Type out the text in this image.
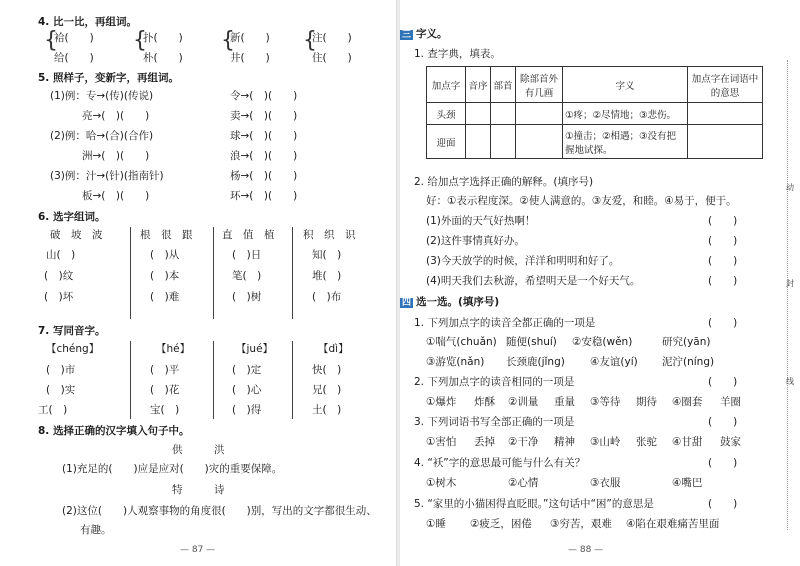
4. 比一比，再组词。
{	{	{	{
袷(　　)	扑(　　)	新(　　)	注(　　)
给(　　)	朴(　　)	井(　　)	住(　　)
5. 照样子，变新字，再组词。
(1)例：专→(传)(传说)	令→(　)(　　)
亮→(　)(　　)	卖→(　)(　　)
(2)例：哈→(合)(合作)	球→(　)(　　)
洲→(　)(　　)	浪→(　)(　　)
(3)例：汁→(针)(指南针)	杨→(　)(　　)
板→(　)(　　)	环→(　)(　　)
6. 选字组词。
破　坡　波	根　很　跟	直　值　植	积　织　识
山(　)	(　)从	(　)日	知(　)
(　)纹	(　)本	笔(　)	堆(　)
(　)坏	(　)难	(　)树	(　)布
7. 写同音字。
【chéng】	【hé】	【jué】	【dì】
(　)市	(　)平	(　)定	快(　)
(　)实	(　)花	(　)心	兄(　)
工(　)	宝(　)	(　)得	土(　)
8. 选择正确的汉字填入句子中。
供　　　洪
(1)充足的(　　)应是应对(　　)灾的重要保障。
特　　　诗
(2)这位(　　)人观察事物的角度很(　　)别，写出的文字都很生动、
有趣。
— 87 —
三 字义。
1. 查字典，填表。
加点字	音序	部首	除部首外有几画	字义	加点字在词语中的意思
头颈				①疼；②尽情地；③悲伤。	
迎面				①撞击；②相遇；③没有把握地试探。	
2. 给加点字选择正确的解释。(填序号)
好：①表示程度深。②使人满意的。③友爱，和睦。④易于，便于。
(1)外面的天气好热啊！	(　　)
(2)这件事情真好办。	(　　)
(3)今天放学的时候，洋洋和明明和好了。	(　　)
(4)明天我们去秋游，希望明天是一个好天气。	(　　)
四 选一选。(填序号)
1. 下列加点字的读音全都正确的一项是	(　　)
①喘气(chuǎn) 随便(shuí) ②安稳(wěn)	研究(yān)
③游览(nǎn) 长颈鹿(jǐng) ④友谊(yí) 泥泞(níng)
2. 下列加点字的读音相同的一项是	(　　)
①爆炸 炸酥 ②训量 重量 ③等待 期待 ④圈套 羊圈
3. 下列词语书写全部正确的一项是	(　　)
①害怕 丢掉 ②干净 精神 ③山岭 张驼 ④甘甜 鼓家
4. “袄”字的意思最可能与什么有关？	(　　)
①树木	②心情	③衣服	④嘴巴
5. “家里的小猫困得直眨眼。”这句话中“困”的意思是	(　　)
①睡 ②疲乏，困倦 ③穷苦，艰难 ④陷在艰难痛苦里面
— 88 —
动
封
线
